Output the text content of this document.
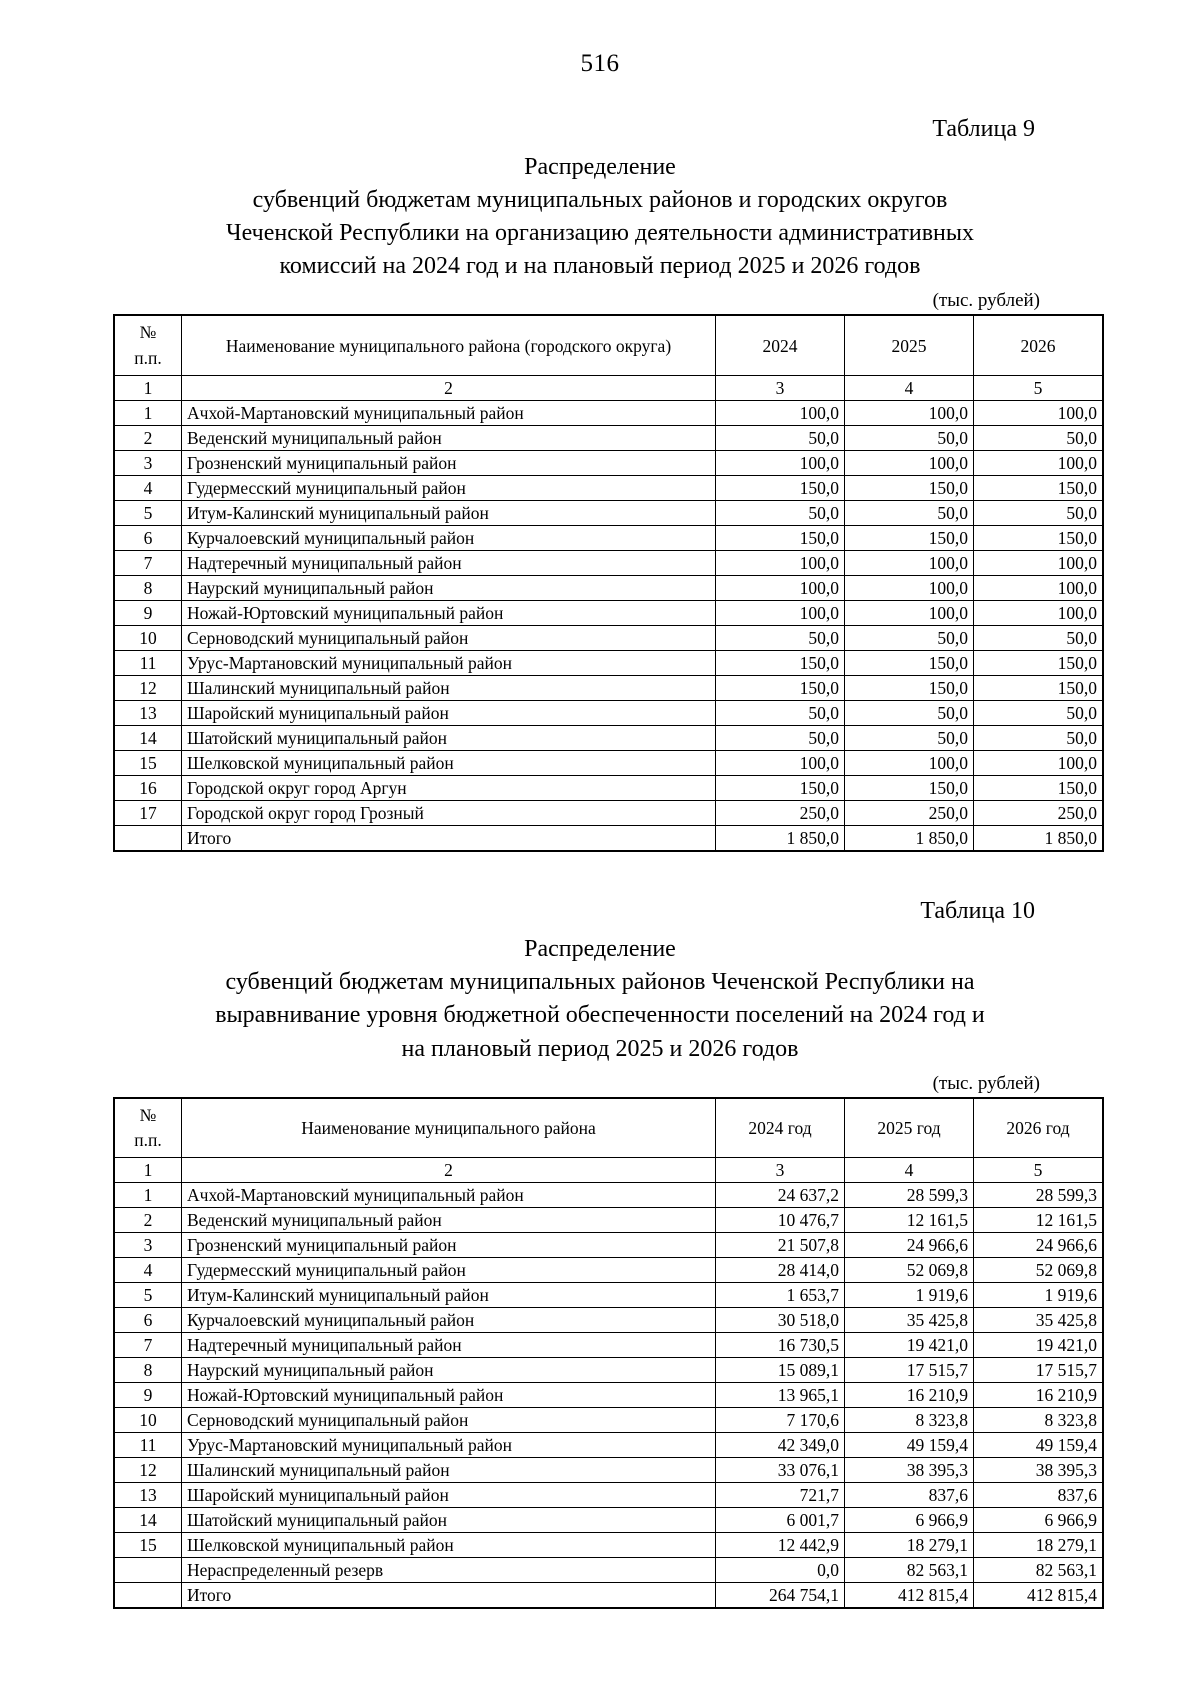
516
Таблица 9
Распределение
субвенций бюджетам муниципальных районов и городских округов
Чеченской Республики на организацию деятельности административных
комиссий на 2024 год и на плановый период 2025 и 2026 годов
(тыс. рублей)
№
п.п.	Наименование муниципального района (городского округа)	2024	2025	2026
1	2	3	4	5
1	Ачхой-Мартановский муниципальный район	100,0	100,0	100,0
2	Веденский муниципальный район	50,0	50,0	50,0
3	Грозненский муниципальный район	100,0	100,0	100,0
4	Гудермесский муниципальный район	150,0	150,0	150,0
5	Итум-Калинский муниципальный район	50,0	50,0	50,0
6	Курчалоевский муниципальный район	150,0	150,0	150,0
7	Надтеречный муниципальный район	100,0	100,0	100,0
8	Наурский муниципальный район	100,0	100,0	100,0
9	Ножай-Юртовский муниципальный район	100,0	100,0	100,0
10	Серноводский муниципальный район	50,0	50,0	50,0
11	Урус-Мартановский муниципальный район	150,0	150,0	150,0
12	Шалинский муниципальный район	150,0	150,0	150,0
13	Шаройский муниципальный район	50,0	50,0	50,0
14	Шатойский муниципальный район	50,0	50,0	50,0
15	Шелковской муниципальный район	100,0	100,0	100,0
16	Городской округ город Аргун	150,0	150,0	150,0
17	Городской округ город Грозный	250,0	250,0	250,0
	Итого	1 850,0	1 850,0	1 850,0
Таблица 10
Распределение
субвенций бюджетам муниципальных районов Чеченской Республики на
выравнивание уровня бюджетной обеспеченности поселений на 2024 год и
на плановый период 2025 и 2026 годов
(тыс. рублей)
№
п.п.	Наименование муниципального района	2024 год	2025 год	2026 год
1	2	3	4	5
1	Ачхой-Мартановский муниципальный район	24 637,2	28 599,3	28 599,3
2	Веденский муниципальный район	10 476,7	12 161,5	12 161,5
3	Грозненский муниципальный район	21 507,8	24 966,6	24 966,6
4	Гудермесский муниципальный район	28 414,0	52 069,8	52 069,8
5	Итум-Калинский муниципальный район	1 653,7	1 919,6	1 919,6
6	Курчалоевский муниципальный район	30 518,0	35 425,8	35 425,8
7	Надтеречный муниципальный район	16 730,5	19 421,0	19 421,0
8	Наурский муниципальный район	15 089,1	17 515,7	17 515,7
9	Ножай-Юртовский муниципальный район	13 965,1	16 210,9	16 210,9
10	Серноводский муниципальный район	7 170,6	8 323,8	8 323,8
11	Урус-Мартановский муниципальный район	42 349,0	49 159,4	49 159,4
12	Шалинский муниципальный район	33 076,1	38 395,3	38 395,3
13	Шаройский муниципальный район	721,7	837,6	837,6
14	Шатойский муниципальный район	6 001,7	6 966,9	6 966,9
15	Шелковской муниципальный район	12 442,9	18 279,1	18 279,1
	Нераспределенный резерв	0,0	82 563,1	82 563,1
	Итого	264 754,1	412 815,4	412 815,4
